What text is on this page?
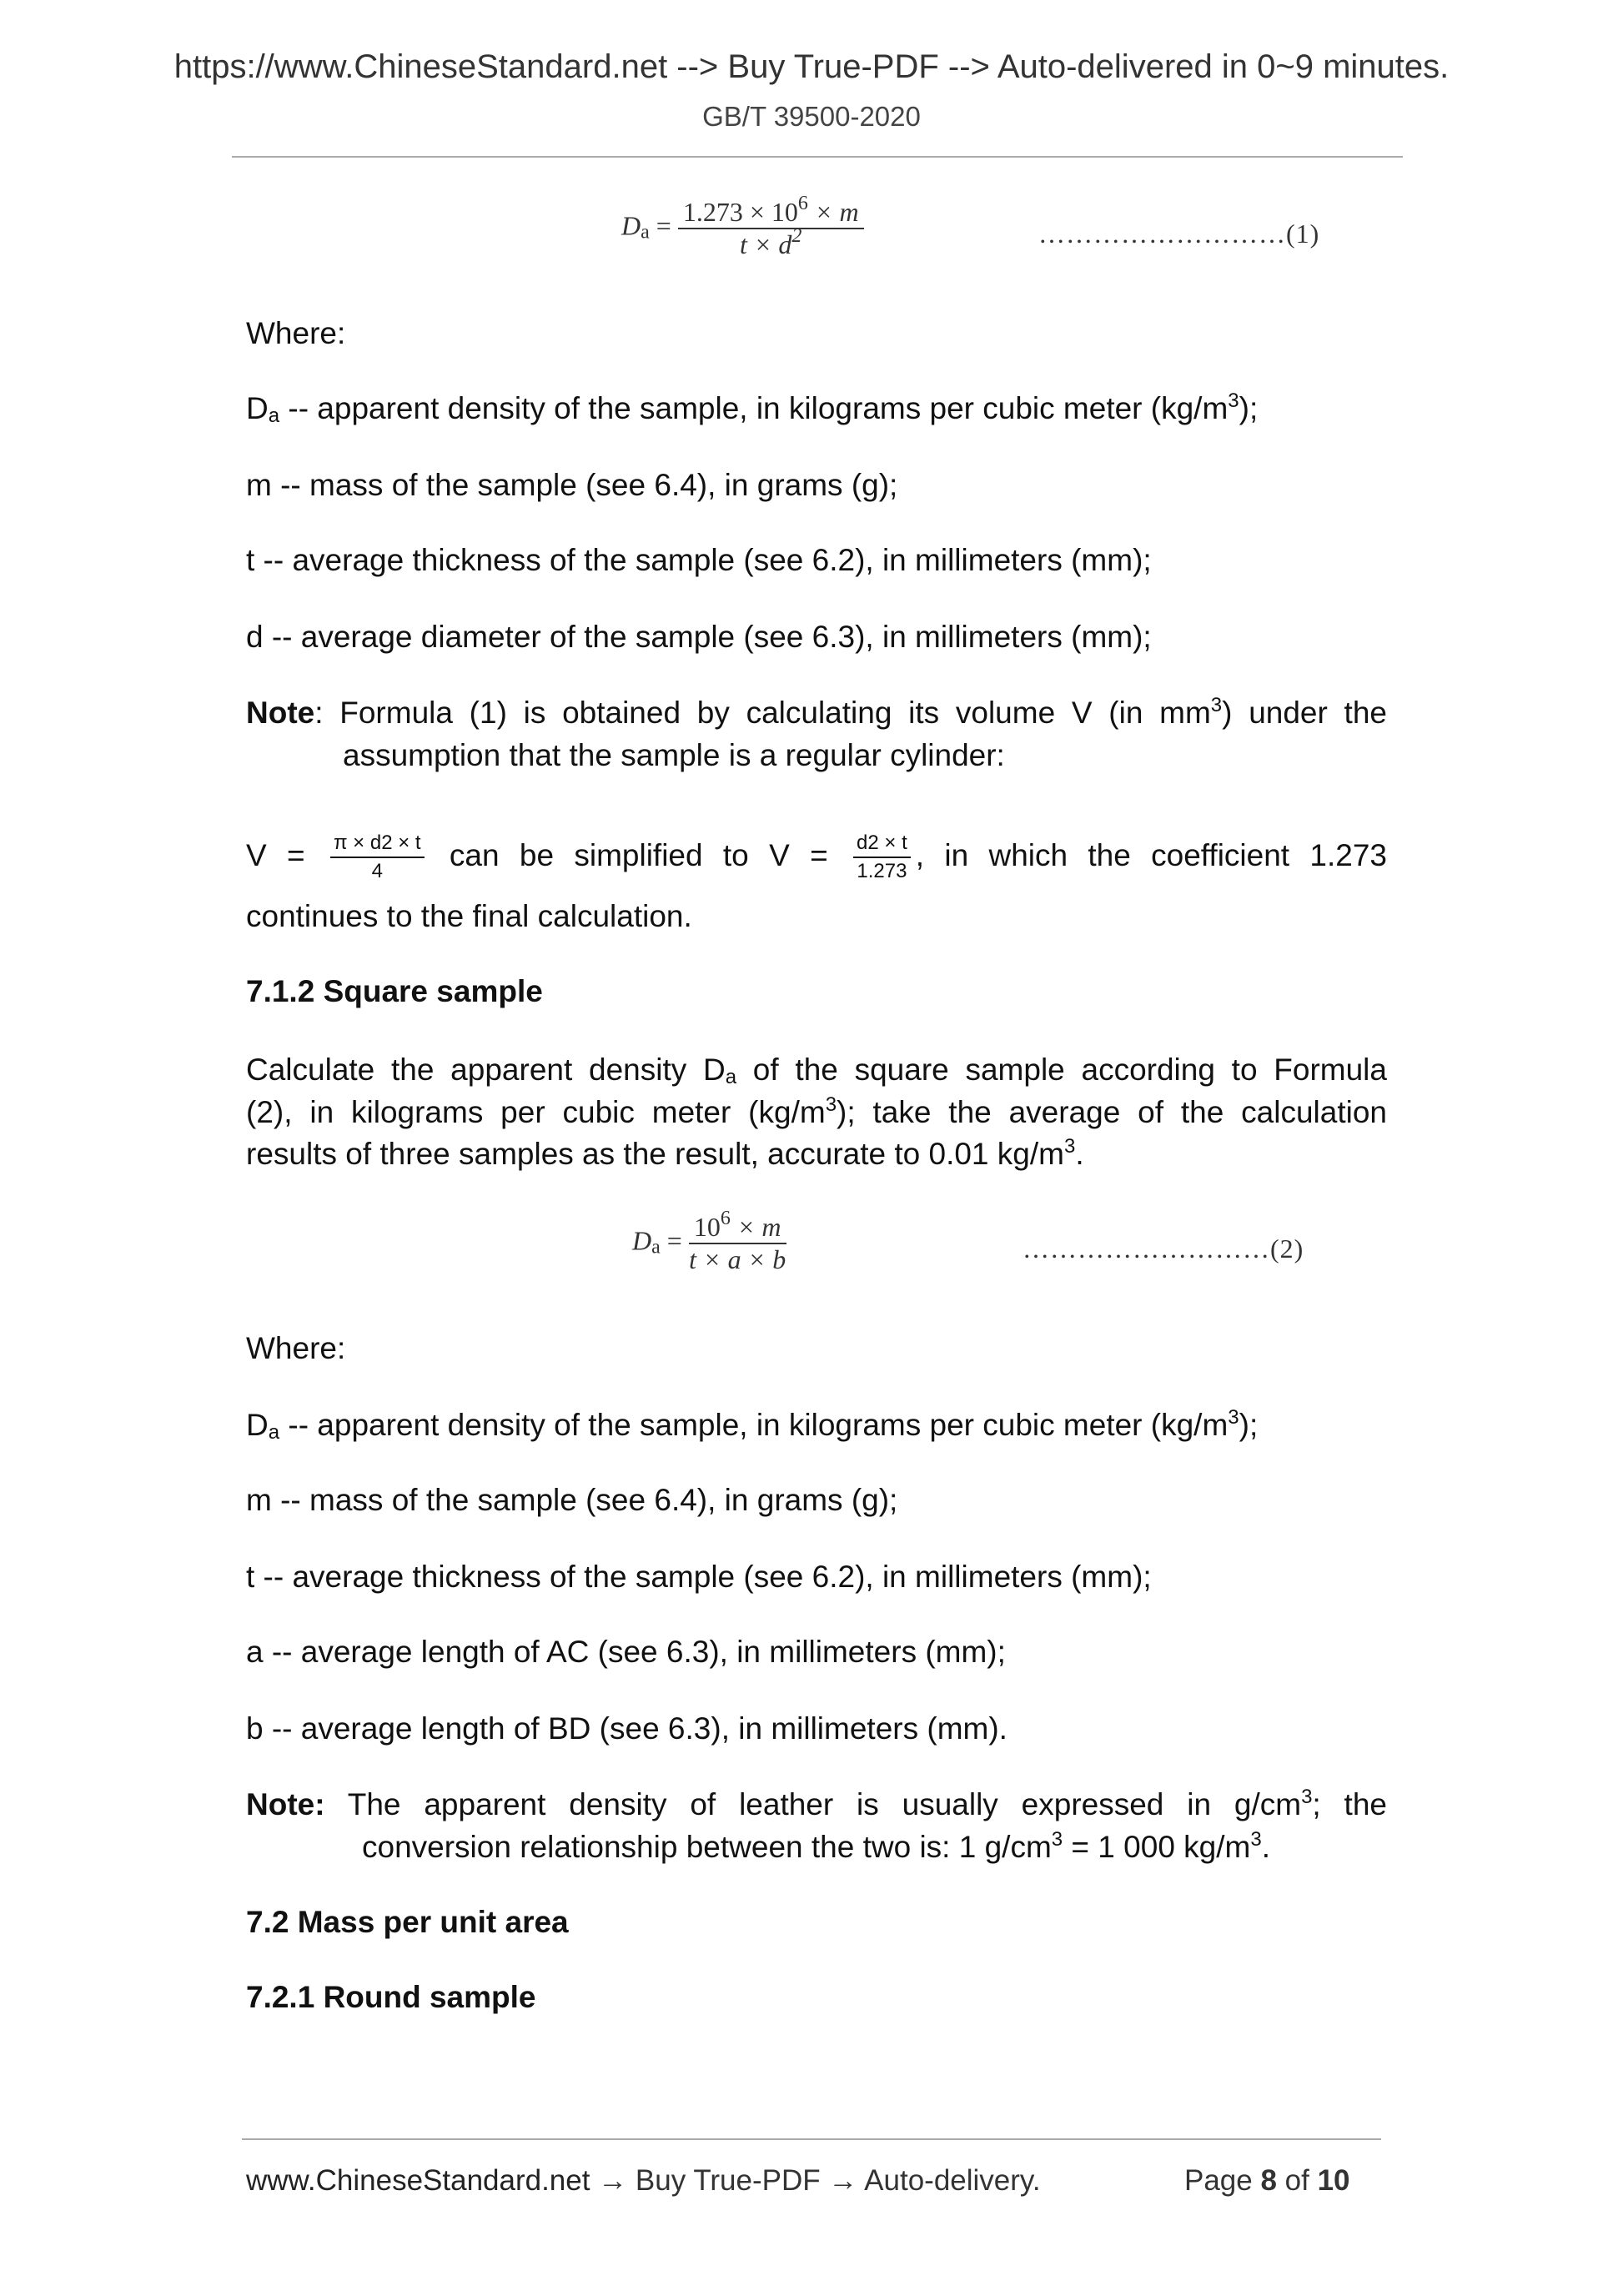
https://www.ChineseStandard.net --> Buy True-PDF --> Auto-delivered in 0~9 minutes.
GB/T 39500-2020
$D_a = \frac{1.273 \times 10^6 \times m}{t \times d^2}$	………………………(1)
Where:
$D_a$ -- apparent density of the sample, in kilograms per cubic meter $(kg/m^3)$;
m -- mass of the sample (see 6.4), in grams (g);
t -- average thickness of the sample (see 6.2), in millimeters (mm);
d -- average diameter of the sample (see 6.3), in millimeters (mm);
Note: Formula (1) is obtained by calculating its volume V (in $mm^3$) under the
assumption that the sample is a regular cylinder:
$V = \frac{\pi \times d2 \times t}{4}$ can be simplified to $V = \frac{d2 \times t}{1.273}$ , in which the coefficient 1.273
continues to the final calculation.
7.1.2 Square sample
Calculate the apparent density $D_a$ of the square sample according to Formula
(2), in kilograms per cubic meter $(kg/m^3)$; take the average of the calculation
results of three samples as the result, accurate to 0.01 $kg/m^3$.
$D_a = \frac{10^6 \times m}{t \times a \times b}$	………………………(2)
Where:
$D_a$ -- apparent density of the sample, in kilograms per cubic meter $(kg/m^3)$;
m -- mass of the sample (see 6.4), in grams (g);
t -- average thickness of the sample (see 6.2), in millimeters (mm);
a -- average length of AC (see 6.3), in millimeters (mm);
b -- average length of BD (see 6.3), in millimeters (mm).
Note: The apparent density of leather is usually expressed in $g/cm^3$; the
conversion relationship between the two is: 1 $g/cm^3 = 1$ 000 $kg/m^3$.
7.2 Mass per unit area
7.2.1 Round sample
www.ChineseStandard.net → Buy True-PDF → Auto-delivery.	Page 8 of 10
